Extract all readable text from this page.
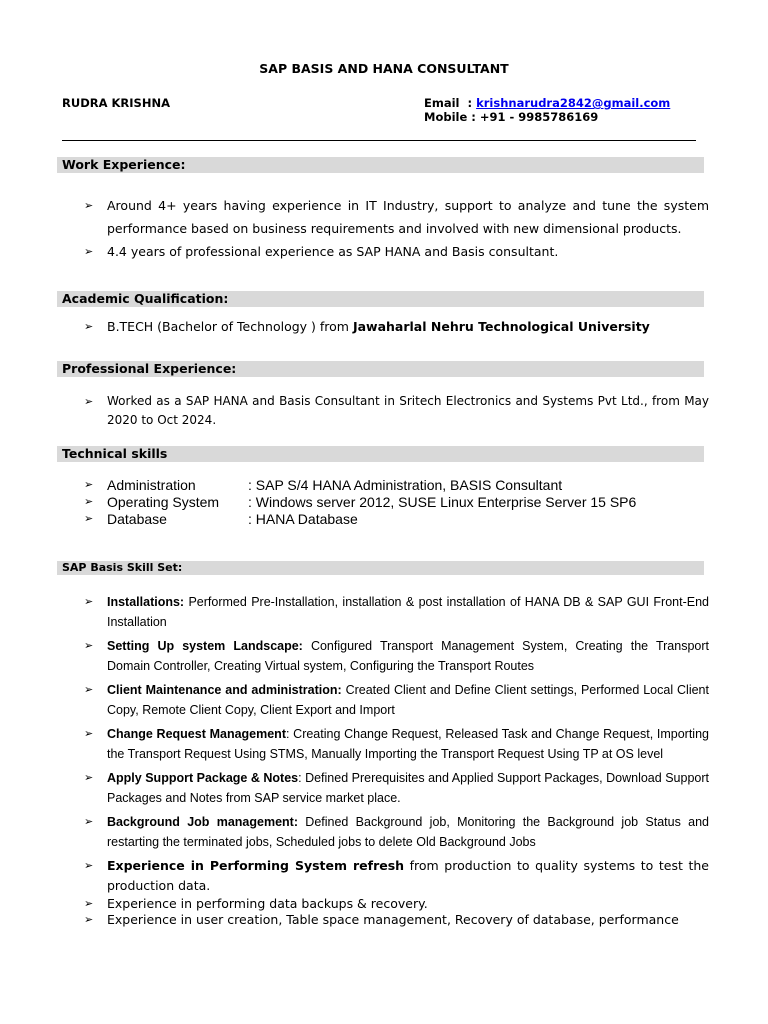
SAP BASIS AND HANA CONSULTANT
RUDRA KRISHNA	Email  : krishnarudra2842@gmail.com
Mobile : +91 - 9985786169
Work Experience:
➢ Around 4+ years having experience in IT Industry, support to analyze and tune the system performance based on business requirements and involved with new dimensional products.
➢ 4.4 years of professional experience as SAP HANA and Basis consultant.
Academic Qualification:
➢ B.TECH (Bachelor of Technology ) from Jawaharlal Nehru Technological University
Professional Experience:
➢ Worked as a SAP HANA and Basis Consultant in Sritech Electronics and Systems Pvt Ltd., from May 2020 to Oct 2024.
Technical skills
➢ Administration	: SAP S/4 HANA Administration, BASIS Consultant
➢ Operating System : Windows server 2012, SUSE Linux Enterprise Server 15 SP6
➢ Database	: HANA Database
SAP Basis Skill Set:
➢ Installations: Performed Pre-Installation, installation & post installation of HANA DB & SAP GUI Front-End Installation
➢ Setting Up system Landscape: Configured Transport Management System, Creating the Transport Domain Controller, Creating Virtual system, Configuring the Transport Routes
➢ Client Maintenance and administration: Created Client and Define Client settings, Performed Local Client Copy, Remote Client Copy, Client Export and Import
➢ Change Request Management: Creating Change Request, Released Task and Change Request, Importing the Transport Request Using STMS, Manually Importing the Transport Request Using TP at OS level
➢ Apply Support Package & Notes: Defined Prerequisites and Applied Support Packages, Download Support Packages and Notes from SAP service market place.
➢ Background Job management: Defined Background job, Monitoring the Background job Status and restarting the terminated jobs, Scheduled jobs to delete Old Background Jobs
➢ Experience in Performing System refresh from production to quality systems to test the production data.
➢ Experience in performing data backups & recovery.
➢ Experience in user creation, Table space management, Recovery of database, performance
